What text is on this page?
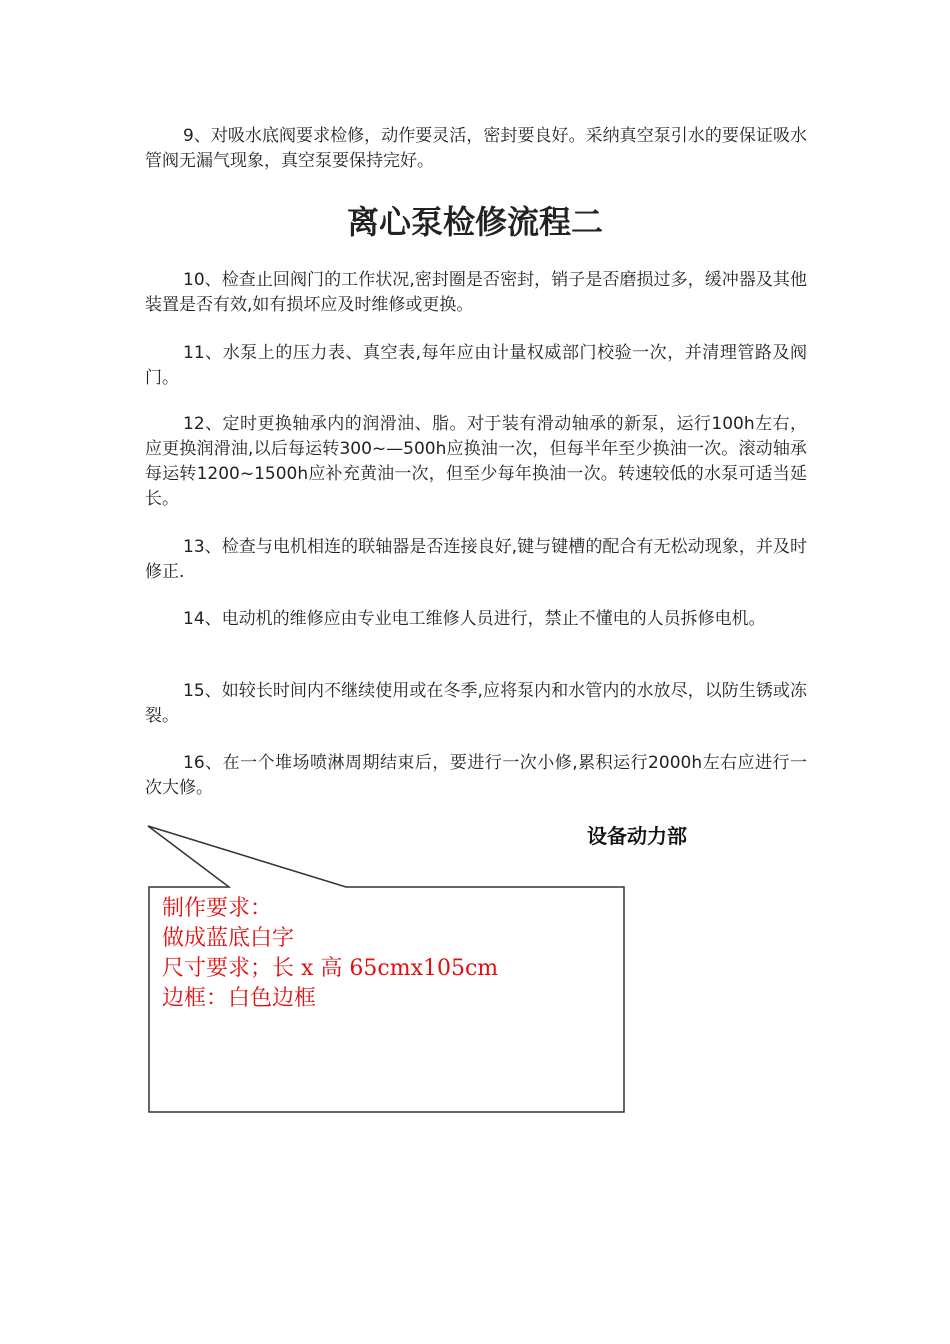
9、对吸水底阀要求检修，动作要灵活，密封要良好。采纳真空泵引水的要保证吸水管阀无漏气现象，真空泵要保持完好。

离心泵检修流程二

10、检查止回阀门的工作状况,密封圈是否密封，销子是否磨损过多，缓冲器及其他装置是否有效,如有损坏应及时维修或更换。

11、水泵上的压力表、真空表,每年应由计量权威部门校验一次，并清理管路及阀门。

12、定时更换轴承内的润滑油、脂。对于装有滑动轴承的新泵，运行100h左右，应更换润滑油,以后每运转300~—500h应换油一次，但每半年至少换油一次。滚动轴承每运转1200~1500h应补充黄油一次，但至少每年换油一次。转速较低的水泵可适当延长。

13、检查与电机相连的联轴器是否连接良好,键与键槽的配合有无松动现象，并及时修正.

14、电动机的维修应由专业电工维修人员进行，禁止不懂电的人员拆修电机。

15、如较长时间内不继续使用或在冬季,应将泵内和水管内的水放尽，以防生锈或冻裂。

16、在一个堆场喷淋周期结束后，要进行一次小修,累积运行2000h左右应进行一次大修。

设备动力部
制作要求：
做成蓝底白字
尺寸要求；长 x 高 65cmx105cm
边框：白色边框
